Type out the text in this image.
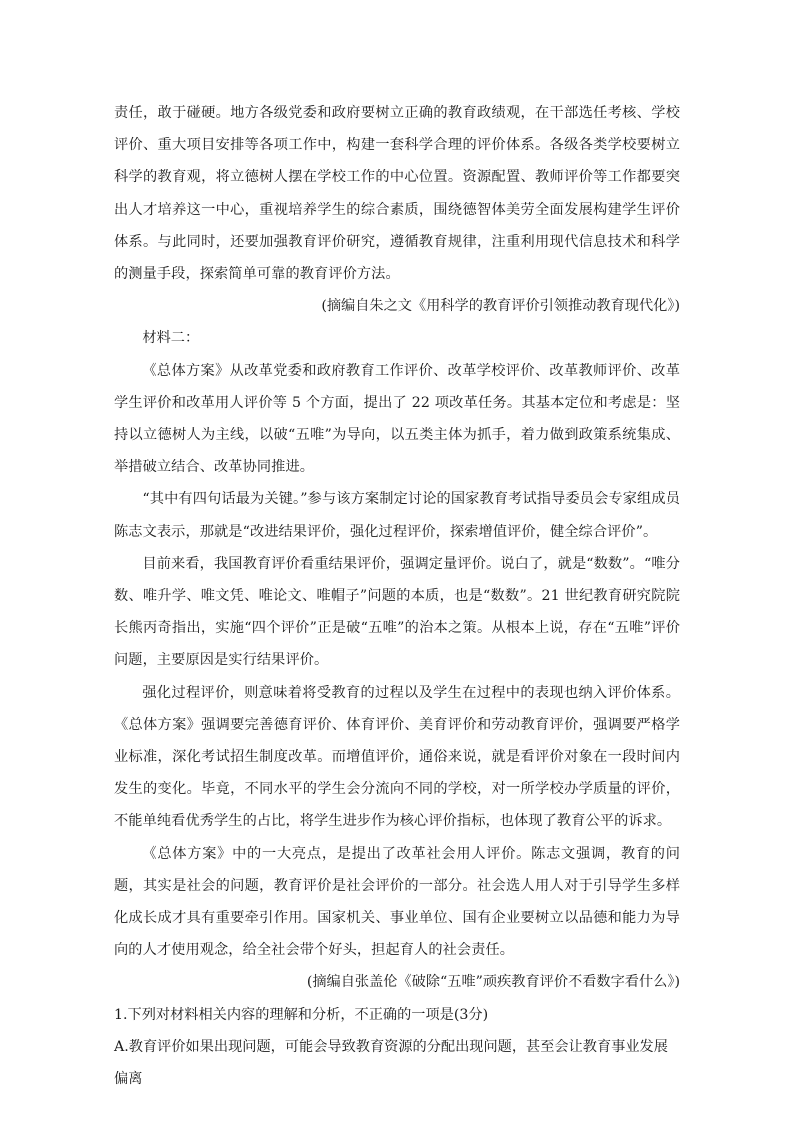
责任，敢于碰硬。地方各级党委和政府要树立正确的教育政绩观，在干部选任考核、学校评价、重大项目安排等各项工作中，构建一套科学合理的评价体系。各级各类学校要树立科学的教育观，将立德树人摆在学校工作的中心位置。资源配置、教师评价等工作都要突出人才培养这一中心，重视培养学生的综合素质，围绕德智体美劳全面发展构建学生评价体系。与此同时，还要加强教育评价研究，遵循教育规律，注重利用现代信息技术和科学的测量手段，探索简单可靠的教育评价方法。

(摘编自朱之文《用科学的教育评价引领推动教育现代化》)

材料二：

《总体方案》从改革党委和政府教育工作评价、改革学校评价、改革教师评价、改革学生评价和改革用人评价等 5 个方面，提出了 22 项改革任务。其基本定位和考虑是：坚持以立德树人为主线，以破“五唯”为导向，以五类主体为抓手，着力做到政策系统集成、举措破立结合、改革协同推进。

“其中有四句话最为关键。”参与该方案制定讨论的国家教育考试指导委员会专家组成员陈志文表示，那就是“改进结果评价，强化过程评价，探索增值评价，健全综合评价”。

目前来看，我国教育评价看重结果评价，强调定量评价。说白了，就是“数数”。“唯分数、唯升学、唯文凭、唯论文、唯帽子”问题的本质，也是“数数”。21 世纪教育研究院院长熊丙奇指出，实施“四个评价”正是破“五唯”的治本之策。从根本上说，存在“五唯”评价问题，主要原因是实行结果评价。

强化过程评价，则意味着将受教育的过程以及学生在过程中的表现也纳入评价体系。《总体方案》强调要完善德育评价、体育评价、美育评价和劳动教育评价，强调要严格学业标准，深化考试招生制度改革。而增值评价，通俗来说，就是看评价对象在一段时间内发生的变化。毕竟，不同水平的学生会分流向不同的学校，对一所学校办学质量的评价，不能单纯看优秀学生的占比，将学生进步作为核心评价指标，也体现了教育公平的诉求。

《总体方案》中的一大亮点，是提出了改革社会用人评价。陈志文强调，教育的问题，其实是社会的问题，教育评价是社会评价的一部分。社会选人用人对于引导学生多样化成长成才具有重要牵引作用。国家机关、事业单位、国有企业要树立以品德和能力为导向的人才使用观念，给全社会带个好头，担起育人的社会责任。

(摘编自张盖伦《破除“五唯”顽疾教育评价不看数字看什么》)

1.下列对材料相关内容的理解和分析，不正确的一项是(3分)

A.教育评价如果出现问题，可能会导致教育资源的分配出现问题，甚至会让教育事业发展偏离
